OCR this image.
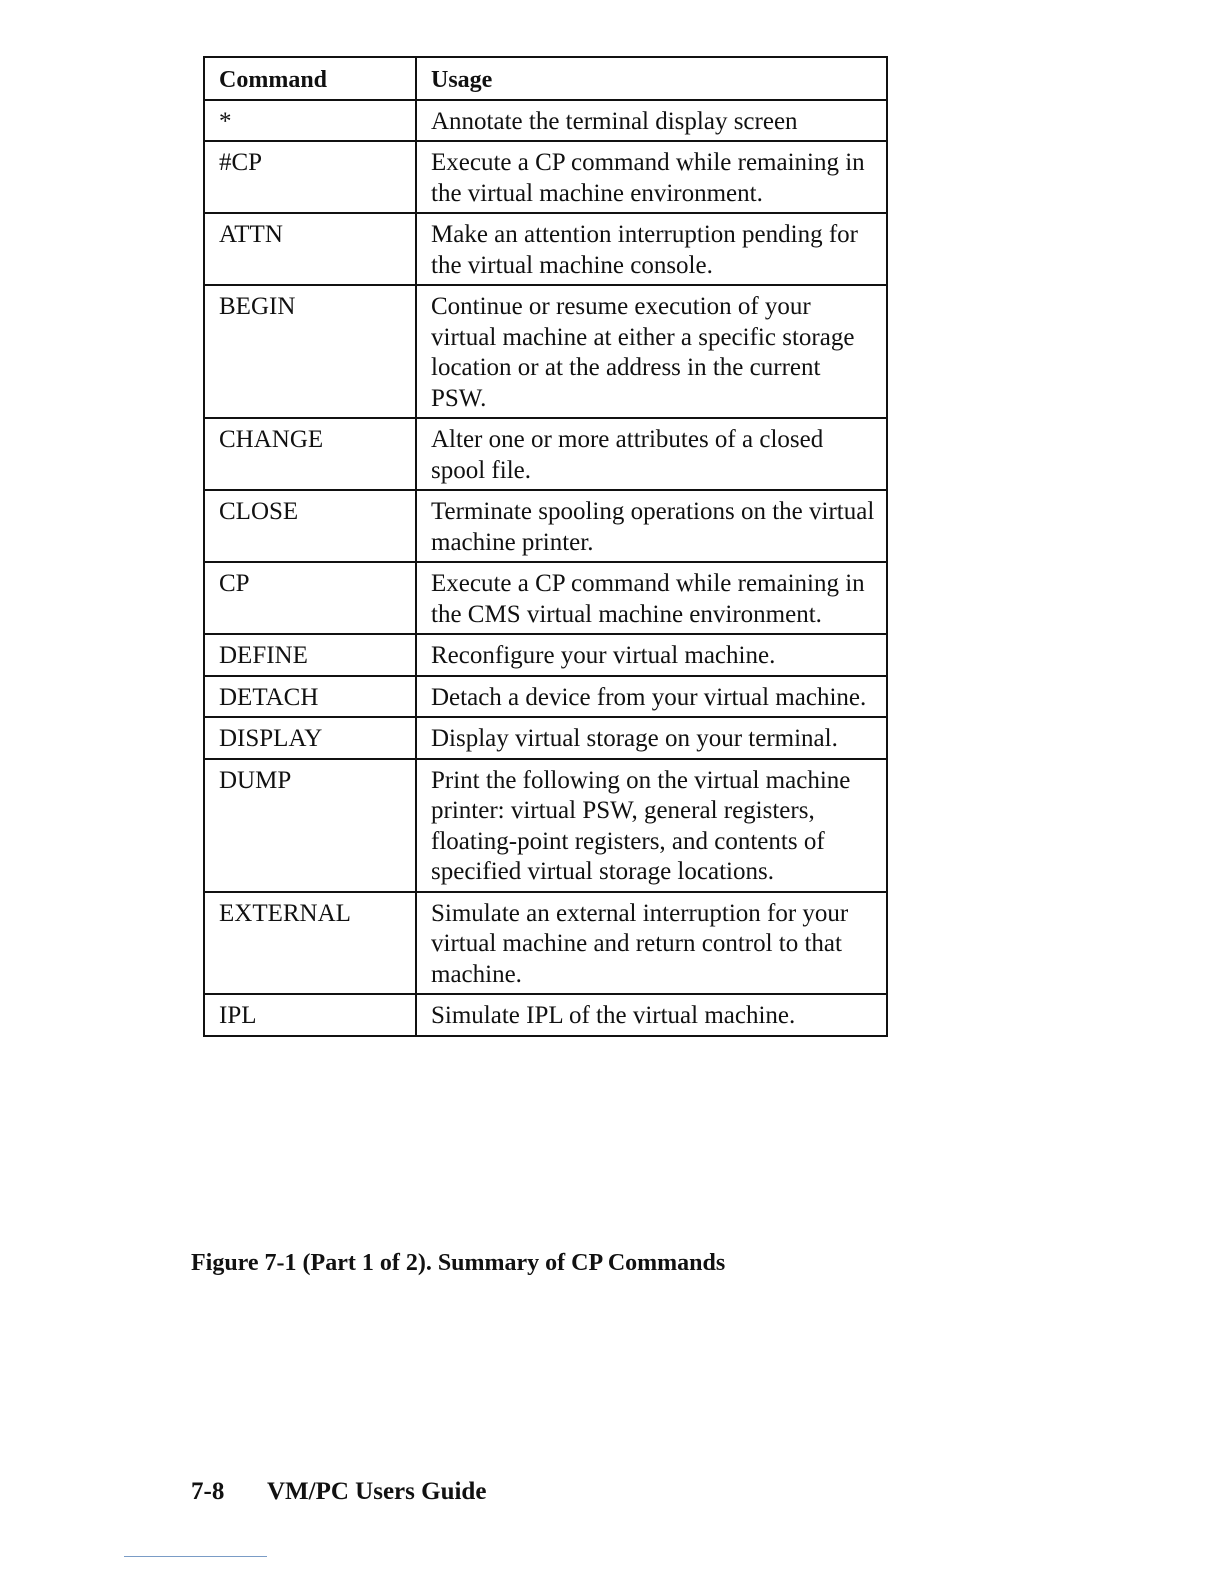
Command	Usage
*	Annotate the terminal display screen
#CP	Execute a CP command while remaining in the virtual machine environment.
ATTN	Make an attention interruption pending for the virtual machine console.
BEGIN	Continue or resume execution of your virtual machine at either a specific storage location or at the address in the current PSW.
CHANGE	Alter one or more attributes of a closed spool file.
CLOSE	Terminate spooling operations on the virtual machine printer.
CP	Execute a CP command while remaining in the CMS virtual machine environment.
DEFINE	Reconfigure your virtual machine.
DETACH	Detach a device from your virtual machine.
DISPLAY	Display virtual storage on your terminal.
DUMP	Print the following on the virtual machine printer: virtual PSW, general registers, floating-point registers, and contents of specified virtual storage locations.
EXTERNAL	Simulate an external interruption for your virtual machine and return control to that machine.
IPL	Simulate IPL of the virtual machine.
Figure 7-1 (Part 1 of 2). Summary of CP Commands
7-8 VM/PC Users Guide
